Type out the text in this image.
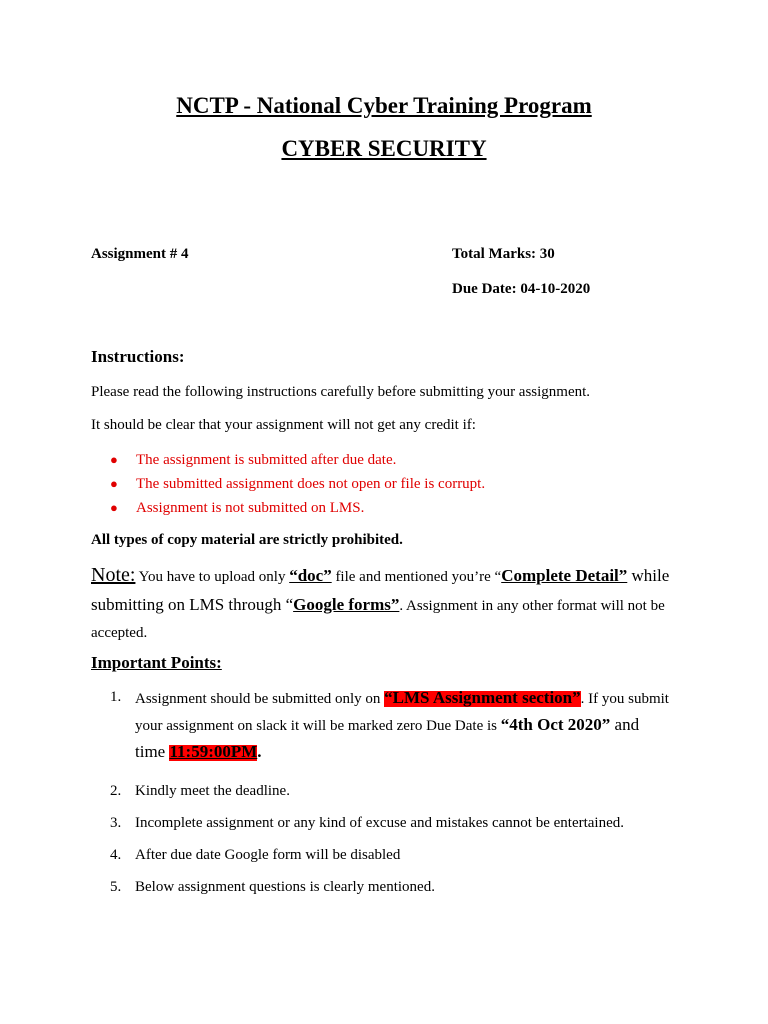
NCTP - National Cyber Training Program
CYBER SECURITY
Assignment # 4	Total Marks: 30
Due Date: 04-10-2020
Instructions:
Please read the following instructions carefully before submitting your assignment.
It should be clear that your assignment will not get any credit if:
● The assignment is submitted after due date.
● The submitted assignment does not open or file is corrupt.
● Assignment is not submitted on LMS.
All types of copy material are strictly prohibited.
Note: You have to upload only “doc” file and mentioned you’re “Complete Detail” while submitting on LMS through “Google forms”. Assignment in any other format will not be accepted.
Important Points:
1. Assignment should be submitted only on “LMS Assignment section”. If you submit your assignment on slack it will be marked zero Due Date is “4th Oct 2020” and time 11:59:00PM.
2. Kindly meet the deadline.
3. Incomplete assignment or any kind of excuse and mistakes cannot be entertained.
4. After due date Google form will be disabled
5. Below assignment questions is clearly mentioned.
